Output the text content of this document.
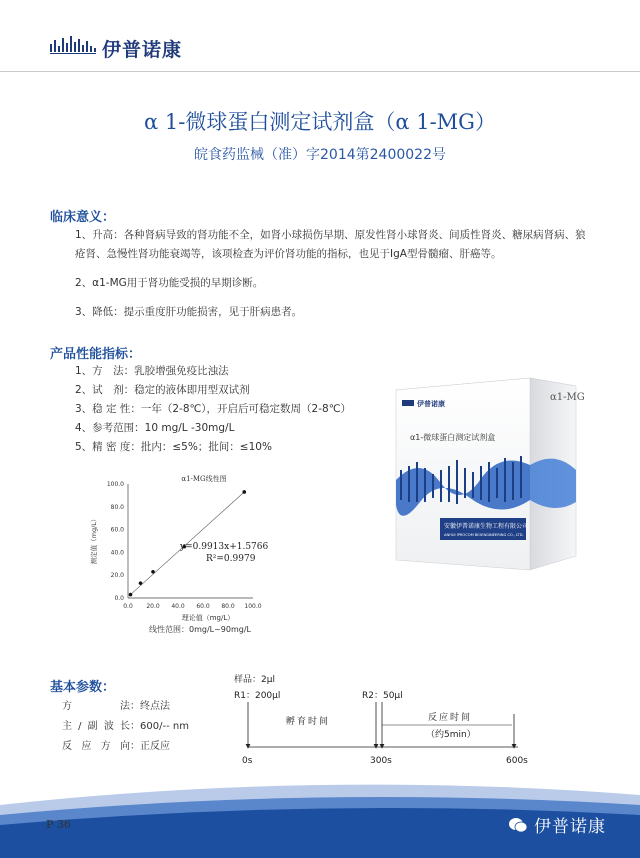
伊普诺康
α 1-微球蛋白测定试剂盒（α 1-MG）
皖食药监械（准）字2014第2400022号
临床意义：
1、升高：各种肾病导致的肾功能不全，如肾小球损伤早期、原发性肾小球肾炎、间质性肾炎、糖尿病肾病、狼疮肾、急慢性肾功能衰竭等，该项检查为评价肾功能的指标，也见于IgA型骨髓瘤、肝癌等。
2、α1-MG用于肾功能受损的早期诊断。
3、降低：提示重度肝功能损害，见于肝病患者。
产品性能指标：
1、方　法：乳胶增强免疫比浊法
2、试　剂：稳定的液体即用型双试剂
3、稳 定 性：一年（2-8℃），开启后可稳定数周（2-8℃）
4、参考范围：10 mg/L -30mg/L
5、精 密 度：批内：≤5%；批间：≤10%
α1-MG
伊普诺康
α1-微球蛋白测定试剂盒
安徽伊普诺康生物工程有限公司
ANHUI IPROCOM BIOENGINEERING CO., LTD.
α1-MG线性图
0.0 20.0 40.0 60.0 80.0 100.0
0.0
20.0
40.0
60.0
80.0
100.0
y=0.9913x+1.5766
R²=0.9979
理论值（mg/L）
测定值（mg/L）
线性范围：0mg/L~90mg/L
基本参数：
方法 ：终点法
主/副波长 ：600/-- nm
反应方向 ：正反应
样品：2μl
R1：200μl	R2：50μl
孵育时间	反应时间
（约5min）
0s	300s	600s
P 36	伊普诺康
